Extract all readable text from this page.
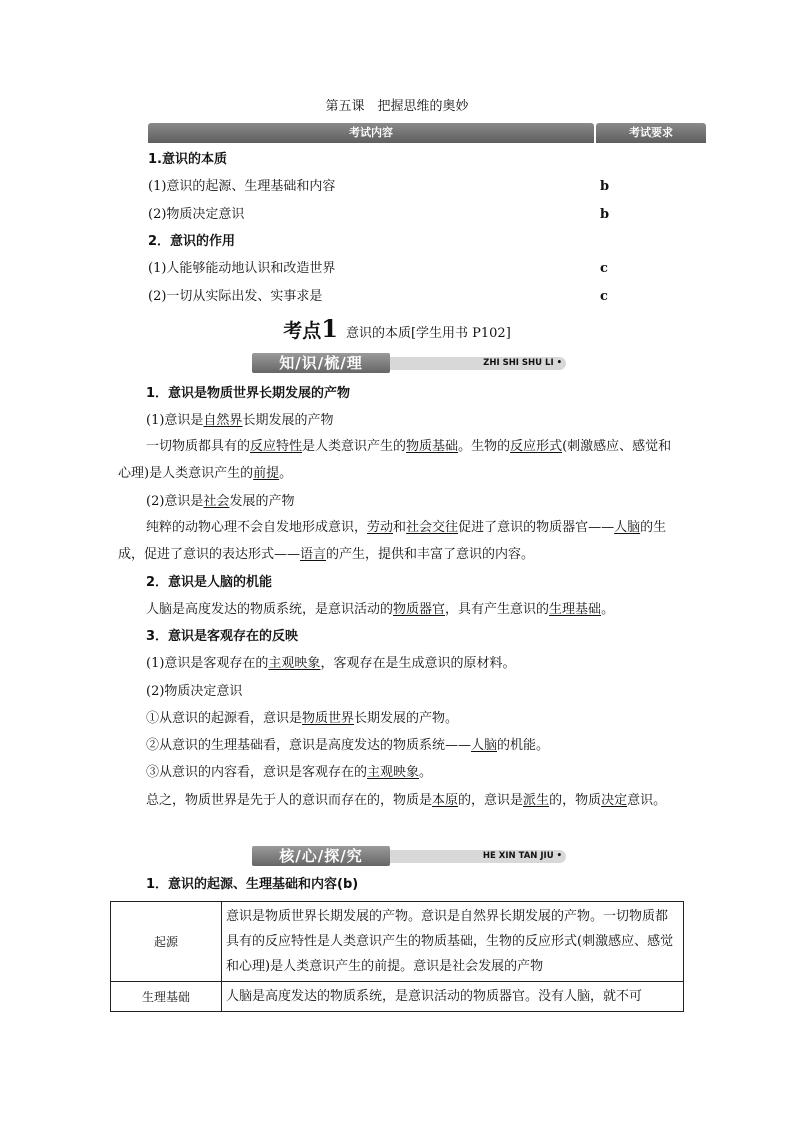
第五课　把握思维的奥妙
考试内容	考试要求
1.意识的本质
(1)意识的起源、生理基础和内容	b
(2)物质决定意识	b
2．意识的作用
(1)人能够能动地认识和改造世界	c
(2)一切从实际出发、实事求是	c
考点1 意识的本质[学生用书 P102]
知/识/梳/理	ZHI SHI SHU LI •
1．意识是物质世界长期发展的产物
(1)意识是自然界长期发展的产物
一切物质都具有的反应特性是人类意识产生的物质基础。生物的反应形式(刺激感应、感觉和心理)是人类意识产生的前提。
(2)意识是社会发展的产物
纯粹的动物心理不会自发地形成意识，劳动和社会交往促进了意识的物质器官——人脑的生成，促进了意识的表达形式——语言的产生，提供和丰富了意识的内容。
2．意识是人脑的机能
人脑是高度发达的物质系统，是意识活动的物质器官，具有产生意识的生理基础。
3．意识是客观存在的反映
(1)意识是客观存在的主观映象，客观存在是生成意识的原材料。
(2)物质决定意识
①从意识的起源看，意识是物质世界长期发展的产物。
②从意识的生理基础看，意识是高度发达的物质系统——人脑的机能。
③从意识的内容看，意识是客观存在的主观映象。
总之，物质世界是先于人的意识而存在的，物质是本原的，意识是派生的，物质决定意识。
核/心/探/究	HE XIN TAN JIU •
1．意识的起源、生理基础和内容(b)
起源	意识是物质世界长期发展的产物。意识是自然界长期发展的产物。一切物质都具有的反应特性是人类意识产生的物质基础，生物的反应形式(刺激感应、感觉和心理)是人类意识产生的前提。意识是社会发展的产物
生理基础	人脑是高度发达的物质系统，是意识活动的物质器官。没有人脑，就不可
